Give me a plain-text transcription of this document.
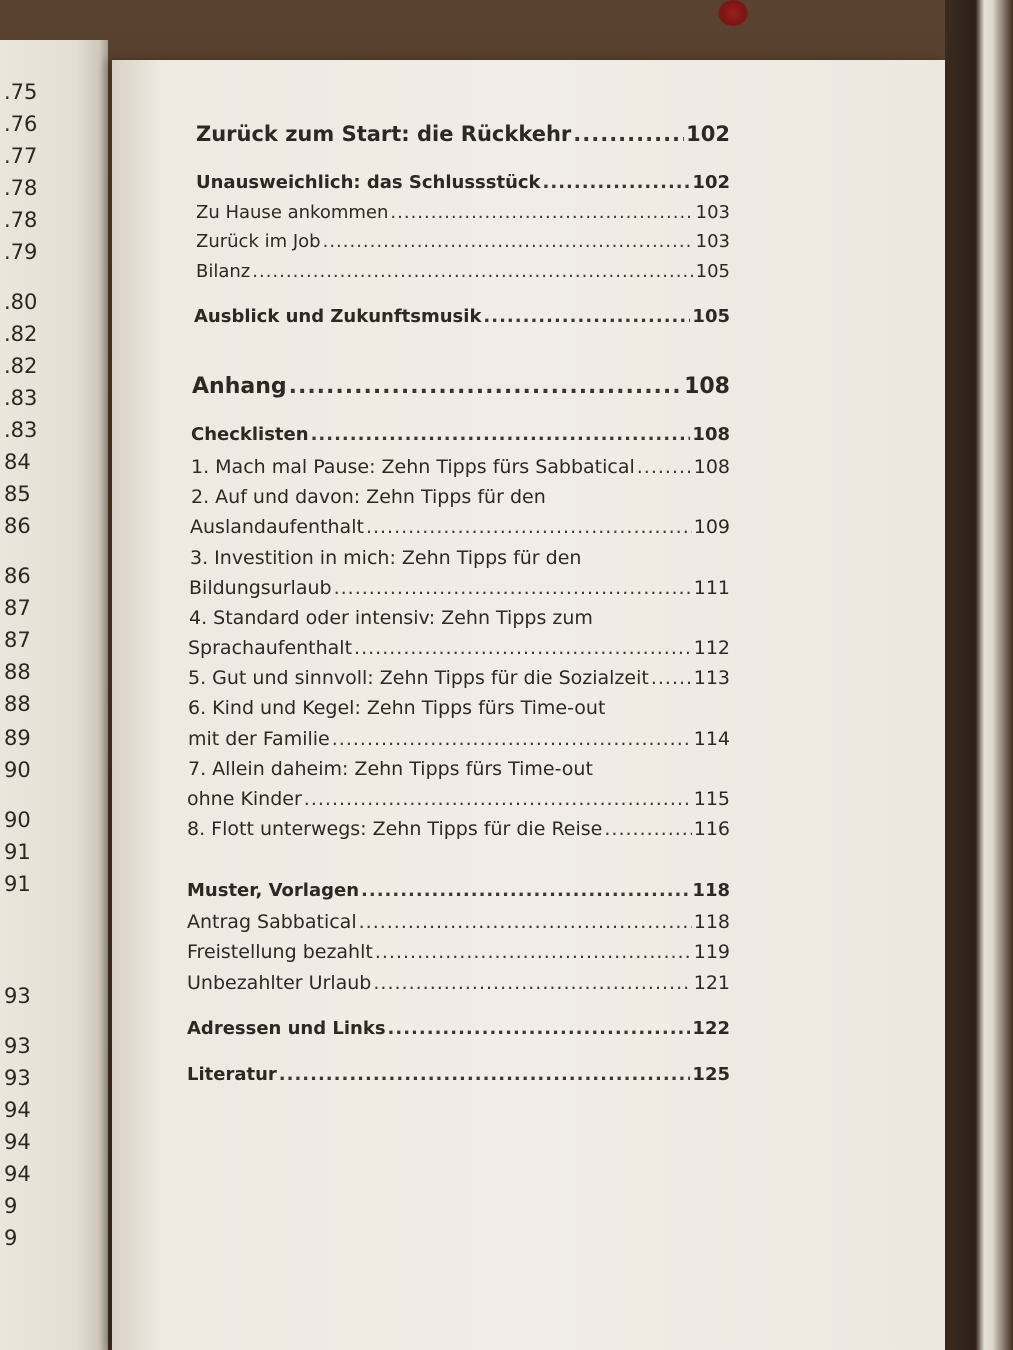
.75
.76
.77
.78
.78
.79
.80
.82
.82
.83
.83
84
85
86
86
87
87
88
88
89
90
90
91
91
93
93
93
94
94
94
9
9
Zurück zum Start: die Rückkehr .....	102
Unausweichlich: das Schlussstück .....	102
Zu Hause ankommen .....	103
Zurück im Job .....	103
Bilanz .....	105
Ausblick und Zukunftsmusik .....	105
Anhang .....	108
Checklisten .....	108
1. Mach mal Pause: Zehn Tipps fürs Sabbatical .....	108
2. Auf und davon: Zehn Tipps für den
Auslandaufenthalt .....	109
3. Investition in mich: Zehn Tipps für den
Bildungsurlaub .....	111
4. Standard oder intensiv: Zehn Tipps zum
Sprachaufenthalt .....	112
5. Gut und sinnvoll: Zehn Tipps für die Sozialzeit ..... 113
6. Kind und Kegel: Zehn Tipps fürs Time-out
mit der Familie .....	114
7. Allein daheim: Zehn Tipps fürs Time-out
ohne Kinder .....	115
8. Flott unterwegs: Zehn Tipps für die Reise .....	116
Muster, Vorlagen .....	118
Antrag Sabbatical .....	118
Freistellung bezahlt .....	119
Unbezahlter Urlaub .....	121
Adressen und Links .....	122
Literatur .....	125
